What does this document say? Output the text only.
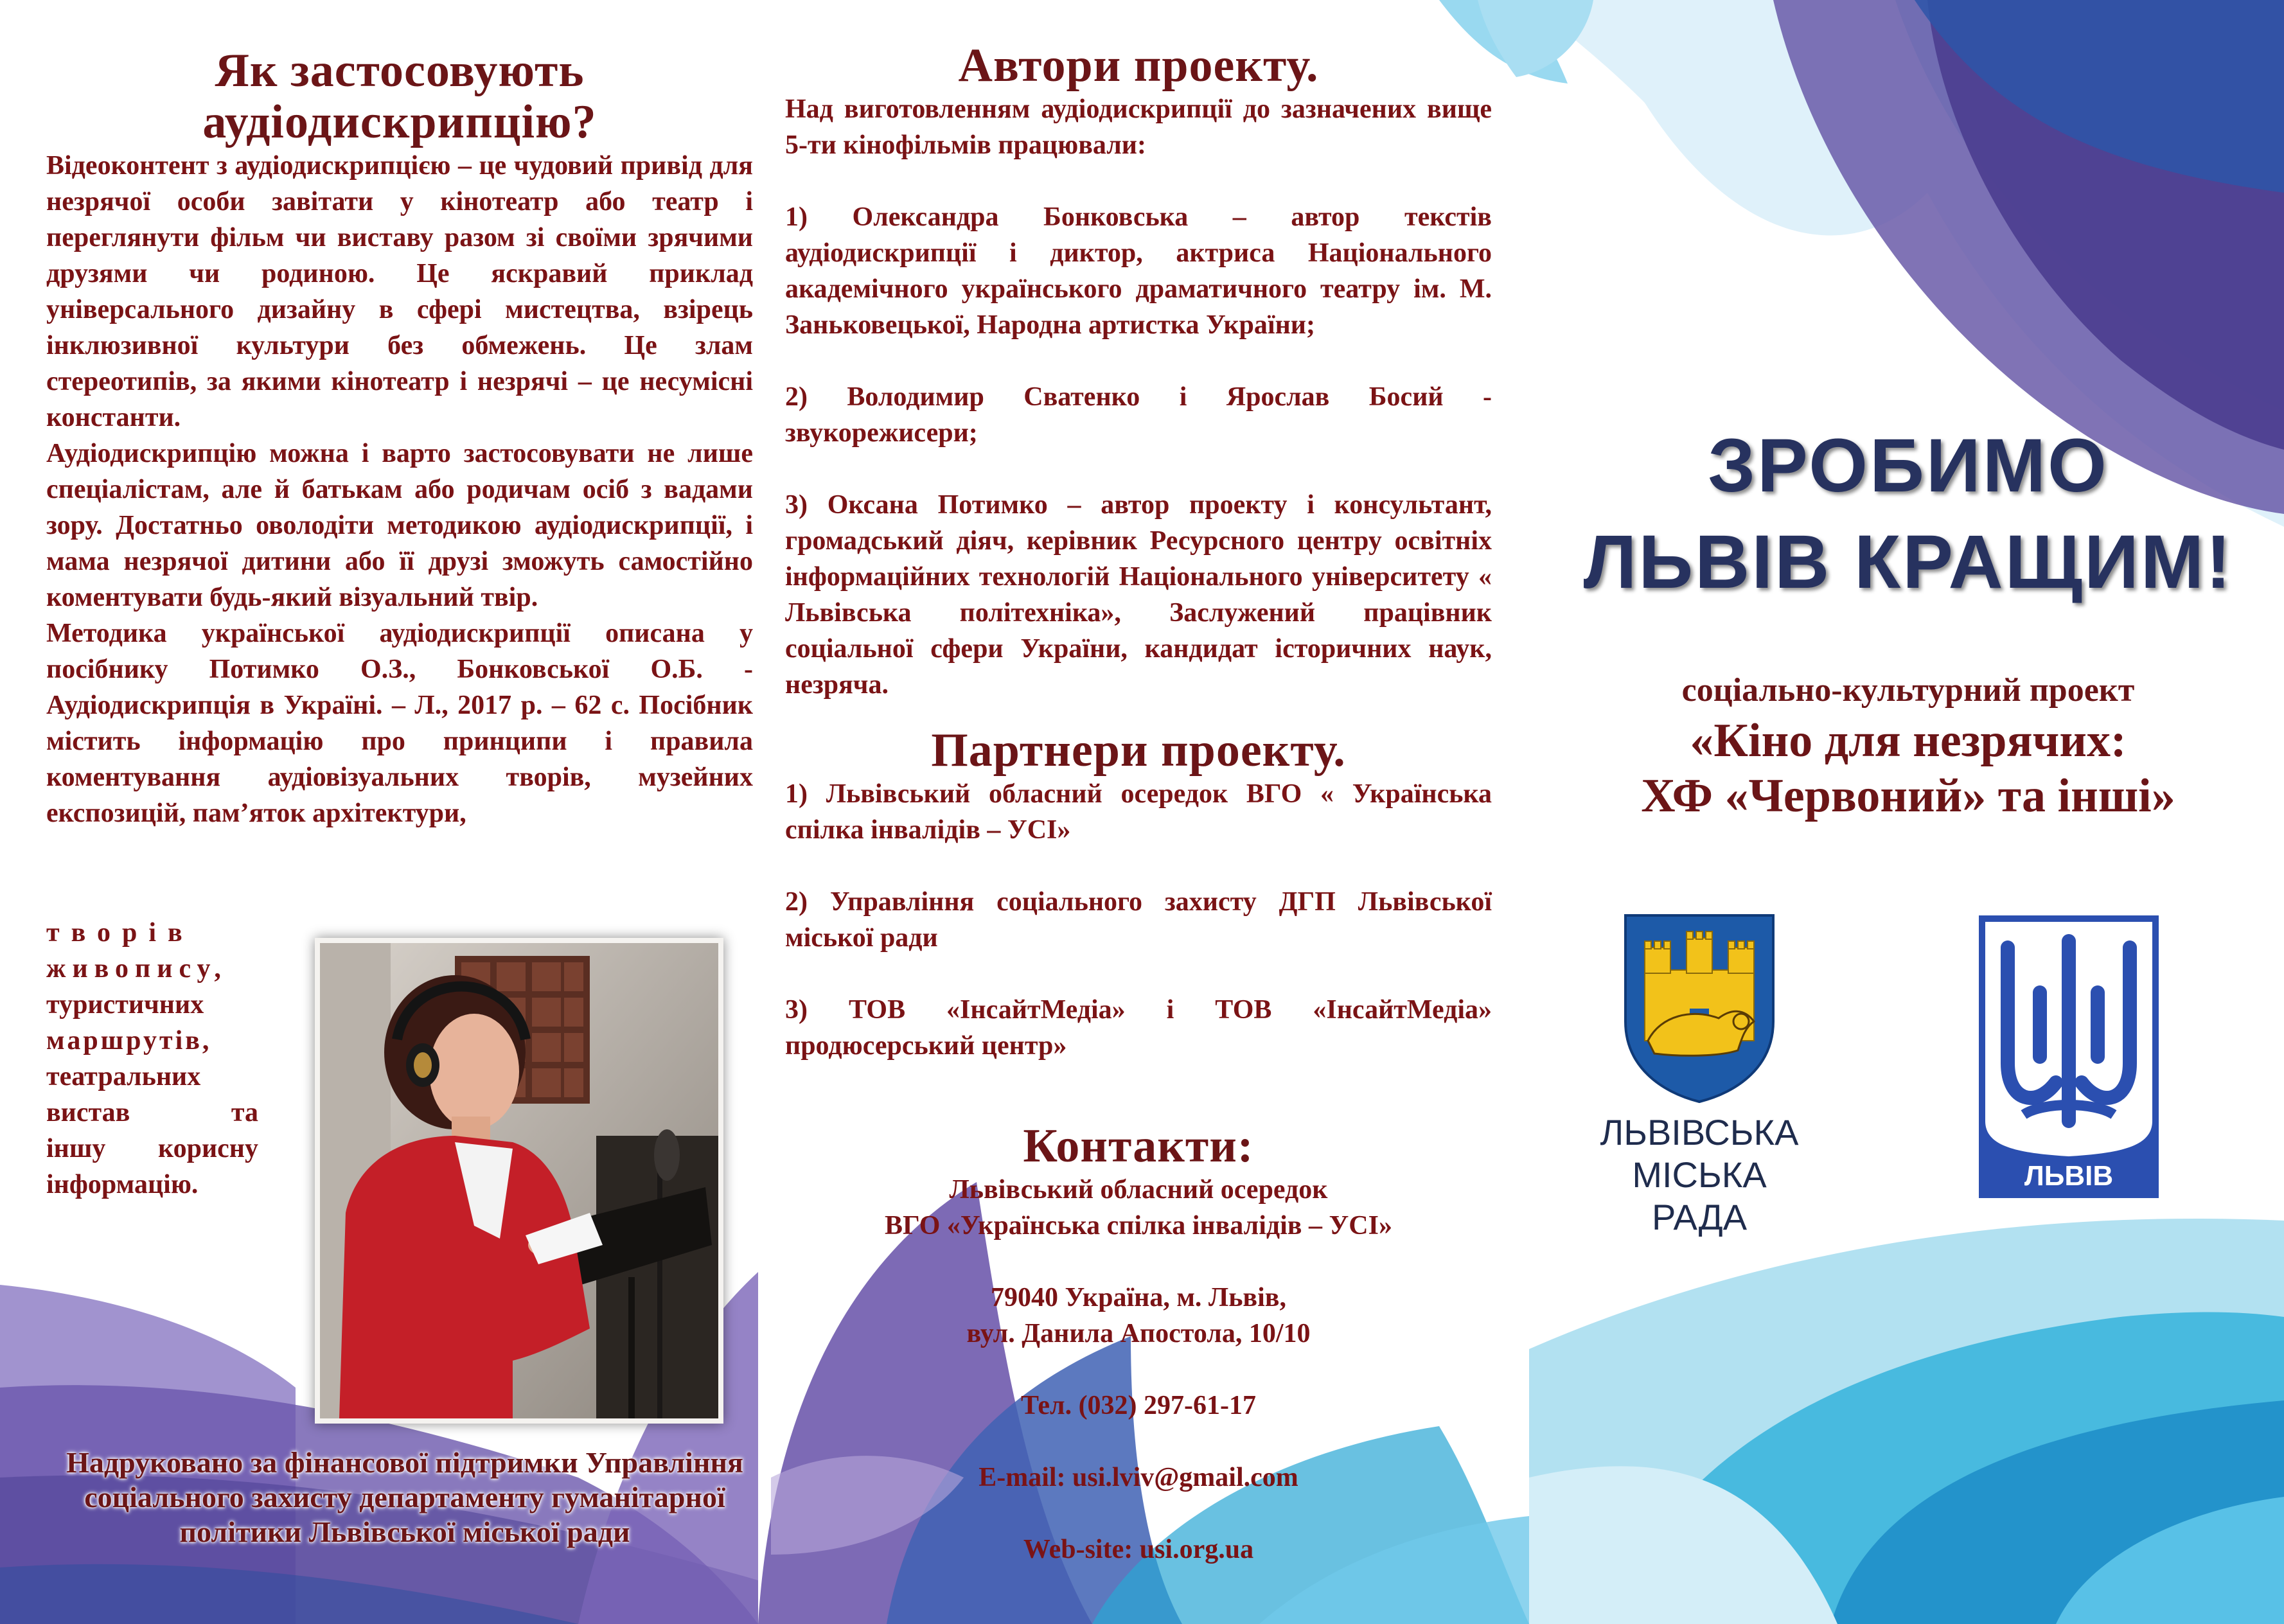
Як застосовують аудіодискрипцію?

Відеоконтент з аудіодискрипцією – це чудовий привід для незрячої особи завітати у кінотеатр або театр і переглянути фільм чи виставу разом зі своїми зрячими друзями чи родиною. Це яскравий приклад універсального дизайну в сфері мистецтва, взірець інклюзивної культури без обмежень. Це злам стереотипів, за якими кінотеатр і незрячі – це несумісні константи.

Аудіодискрипцію можна і варто застосовувати не лише спеціалістам, але й батькам або родичам осіб з вадами зору. Достатньо оволодіти методикою аудіодискрипції, і мама незрячої дитини або її друзі зможуть самостійно коментувати будь-який візуальний твір.

Методика української аудіодискрипції описана у посібнику Потимко О.З., Бонковської О.Б. - Аудіодискрипція в Україні. – Л., 2017 р. – 62 с. Посібник містить інформацію про принципи і правила коментування аудіовізуальних творів, музейних експозицій, пам’яток архітектури,

творів

живопису,

туристичних

маршрутів,

театральних

вистав та

іншу корисну

інформацію.

Надруковано за фінансової підтримки Управління соціального захисту департаменту гуманітарної політики Львівської міської ради

Автори проекту.

Над виготовленням аудіодискрипції до зазначених вище 5-ти кінофільмів працювали:

1) Олександра Бонковська – автор текстів аудіодискрипції і диктор, актриса Національного академічного українського драматичного театру ім. М. Заньковецької, Народна артистка України;

2) Володимир Сватенко і Ярослав Босий - звукорежисери;

3) Оксана Потимко – автор проекту і консультант, громадський діяч, керівник Ресурсного центру освітніх інформаційних технологій Національного університету « Львівська політехніка», Заслужений працівник соціальної сфери України, кандидат історичних наук, незряча.

Партнери проекту.

1) Львівський обласний осередок ВГО « Українська спілка інвалідів – УСІ»

2) Управління соціального захисту ДГП Львівської міської ради

3) ТОВ «ІнсайтМедіа» і ТОВ «ІнсайтМедіа» продюсерський центр»

Контакти:

Львівський обласний осередок

ВГО «Українська спілка інвалідів – УСІ»

79040 Україна, м. Львів,

вул. Данила Апостола, 10/10

Тел. (032) 297-61-17

E-mail: usi.lviv@gmail.com

Web-site: usi.org.ua

ЗРОБИМО
ЛЬВІВ КРАЩИМ!
соціально-культурний проект
«Кіно для незрячих:
ХФ «Червоний» та інші»
ЛЬВІВСЬКА
МІСЬКА РАДА
ЛЬВІВ
